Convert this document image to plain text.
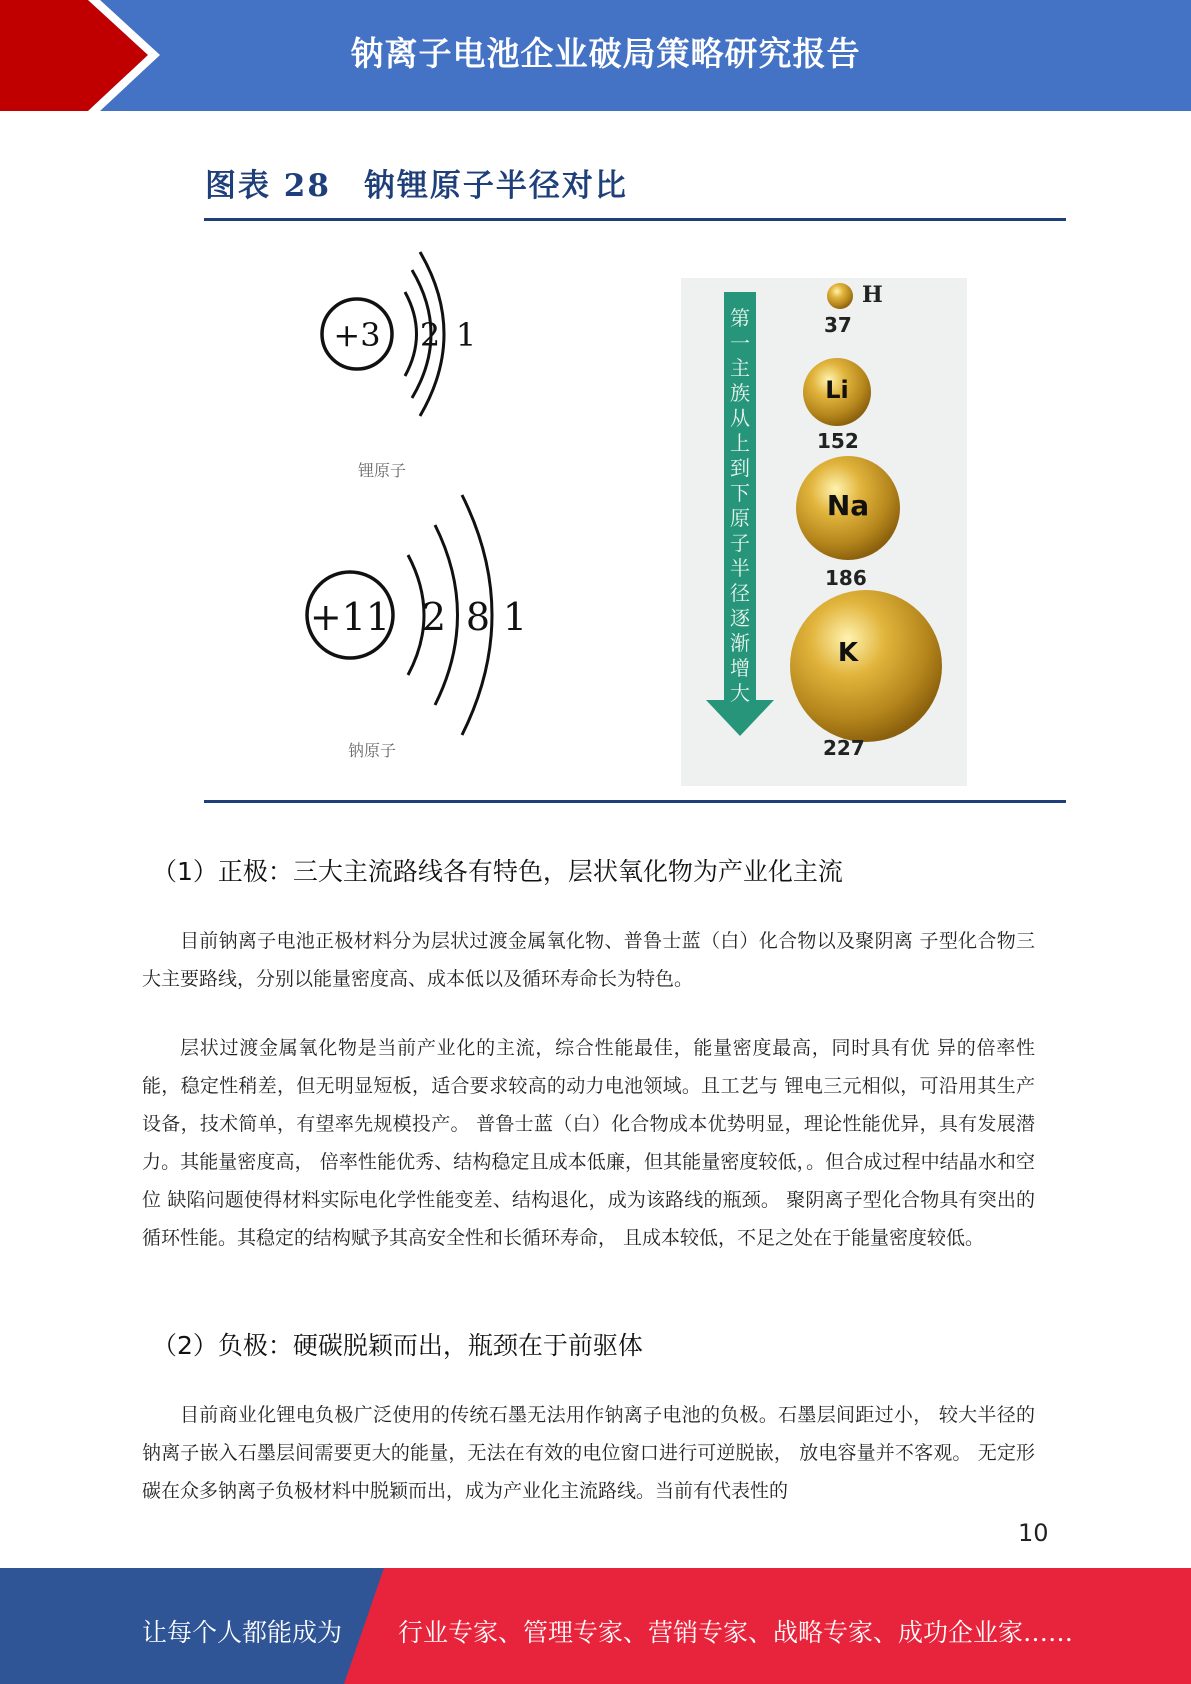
钠离子电池企业破局策略研究报告
图表 28　钠锂原子半径对比
+3 2 1
锂原子
+11 2 8 1
钠原子
第一主族从上到下原子半径逐渐增大
H
37
Li
152
Na
186
K
227
（1）正极：三大主流路线各有特色，层状氧化物为产业化主流

目前钠离子电池正极材料分为层状过渡金属氧化物、普鲁士蓝（白）化合物以及聚阴离 子型化合物三大主要路线，分别以能量密度高、成本低以及循环寿命长为特色。

层状过渡金属氧化物是当前产业化的主流，综合性能最佳，能量密度最高，同时具有优 异的倍率性能，稳定性稍差，但无明显短板，适合要求较高的动力电池领域。且工艺与 锂电三元相似，可沿用其生产设备，技术简单，有望率先规模投产。 普鲁士蓝（白）化合物成本优势明显，理论性能优异，具有发展潜力。其能量密度高， 倍率性能优秀、结构稳定且成本低廉，但其能量密度较低，。但合成过程中结晶水和空位 缺陷问题使得材料实际电化学性能变差、结构退化，成为该路线的瓶颈。 聚阴离子型化合物具有突出的循环性能。其稳定的结构赋予其高安全性和长循环寿命， 且成本较低，不足之处在于能量密度较低。

（2）负极：硬碳脱颖而出，瓶颈在于前驱体

目前商业化锂电负极广泛使用的传统石墨无法用作钠离子电池的负极。石墨层间距过小， 较大半径的钠离子嵌入石墨层间需要更大的能量，无法在有效的电位窗口进行可逆脱嵌， 放电容量并不客观。 无定形碳在众多钠离子负极材料中脱颖而出，成为产业化主流路线。当前有代表性的

10
让每个人都能成为 行业专家、管理专家、营销专家、战略专家、成功企业家……
